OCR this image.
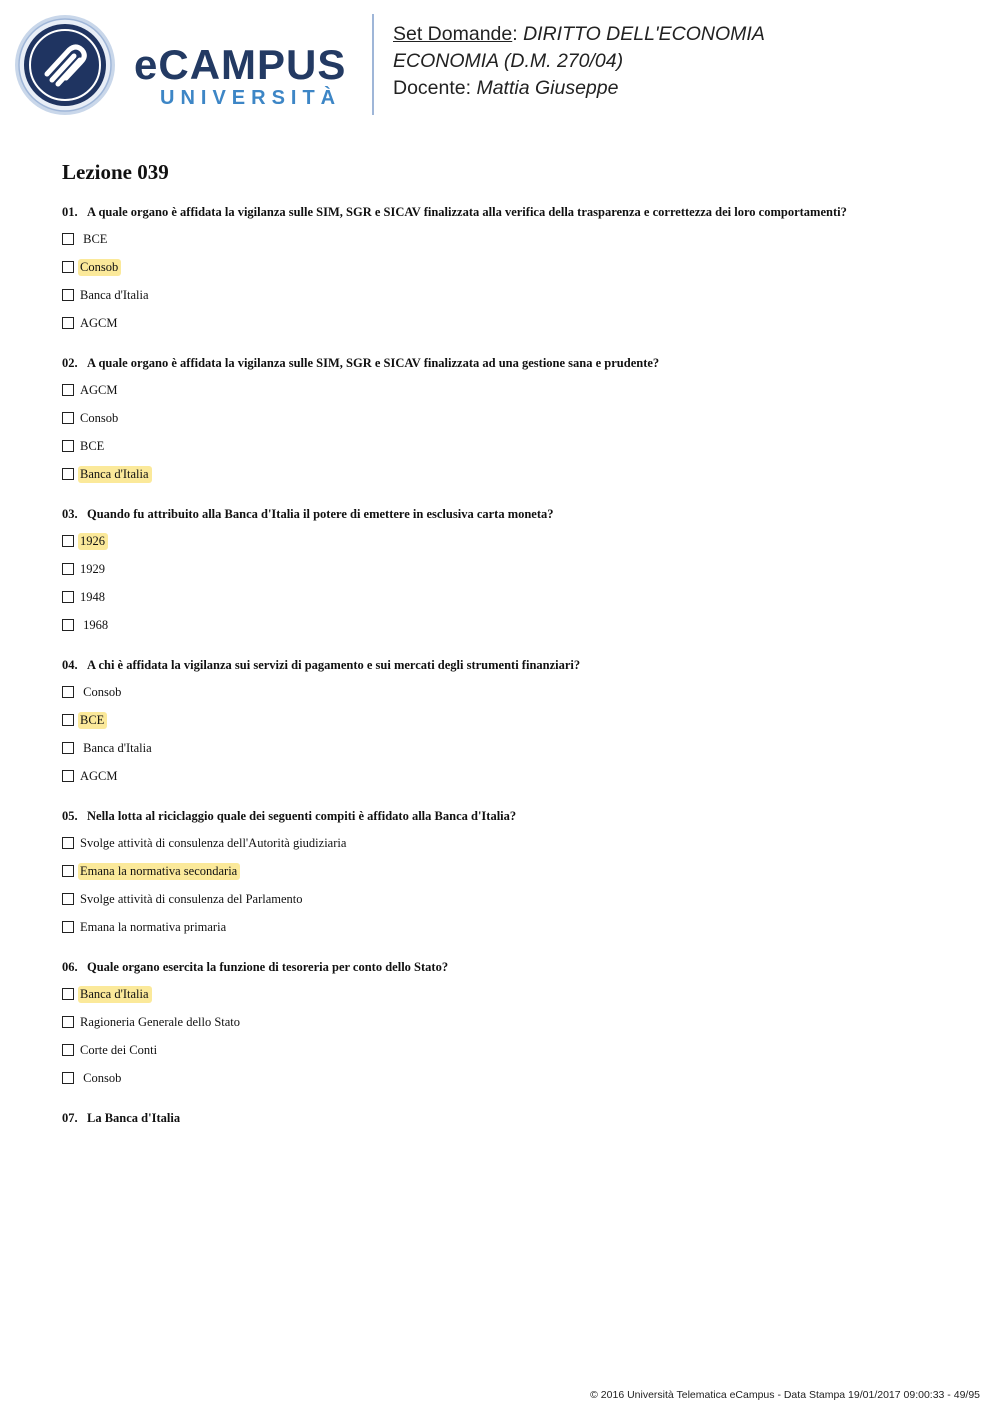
eCAMPUS
UNIVERSITÀ
Set Domande: DIRITTO DELL'ECONOMIA
ECONOMIA (D.M. 270/04)
Docente: Mattia Giuseppe
Lezione 039
01. A quale organo è affidata la vigilanza sulle SIM, SGR e SICAV finalizzata alla verifica della trasparenza e correttezza dei loro comportamenti?
BCE
Consob
Banca d'Italia
AGCM
02. A quale organo è affidata la vigilanza sulle SIM, SGR e SICAV finalizzata ad una gestione sana e prudente?
AGCM
Consob
BCE
Banca d'Italia
03. Quando fu attribuito alla Banca d'Italia il potere di emettere in esclusiva carta moneta?
1926
1929
1948
1968
04. A chi è affidata la vigilanza sui servizi di pagamento e sui mercati degli strumenti finanziari?
Consob
BCE
Banca d'Italia
AGCM
05. Nella lotta al riciclaggio quale dei seguenti compiti è affidato alla Banca d'Italia?
Svolge attività di consulenza dell'Autorità giudiziaria
Emana la normativa secondaria
Svolge attività di consulenza del Parlamento
Emana la normativa primaria
06. Quale organo esercita la funzione di tesoreria per conto dello Stato?
Banca d'Italia
Ragioneria Generale dello Stato
Corte dei Conti
Consob
07. La Banca d'Italia
© 2016 Università Telematica eCampus - Data Stampa 19/01/2017 09:00:33 - 49/95
